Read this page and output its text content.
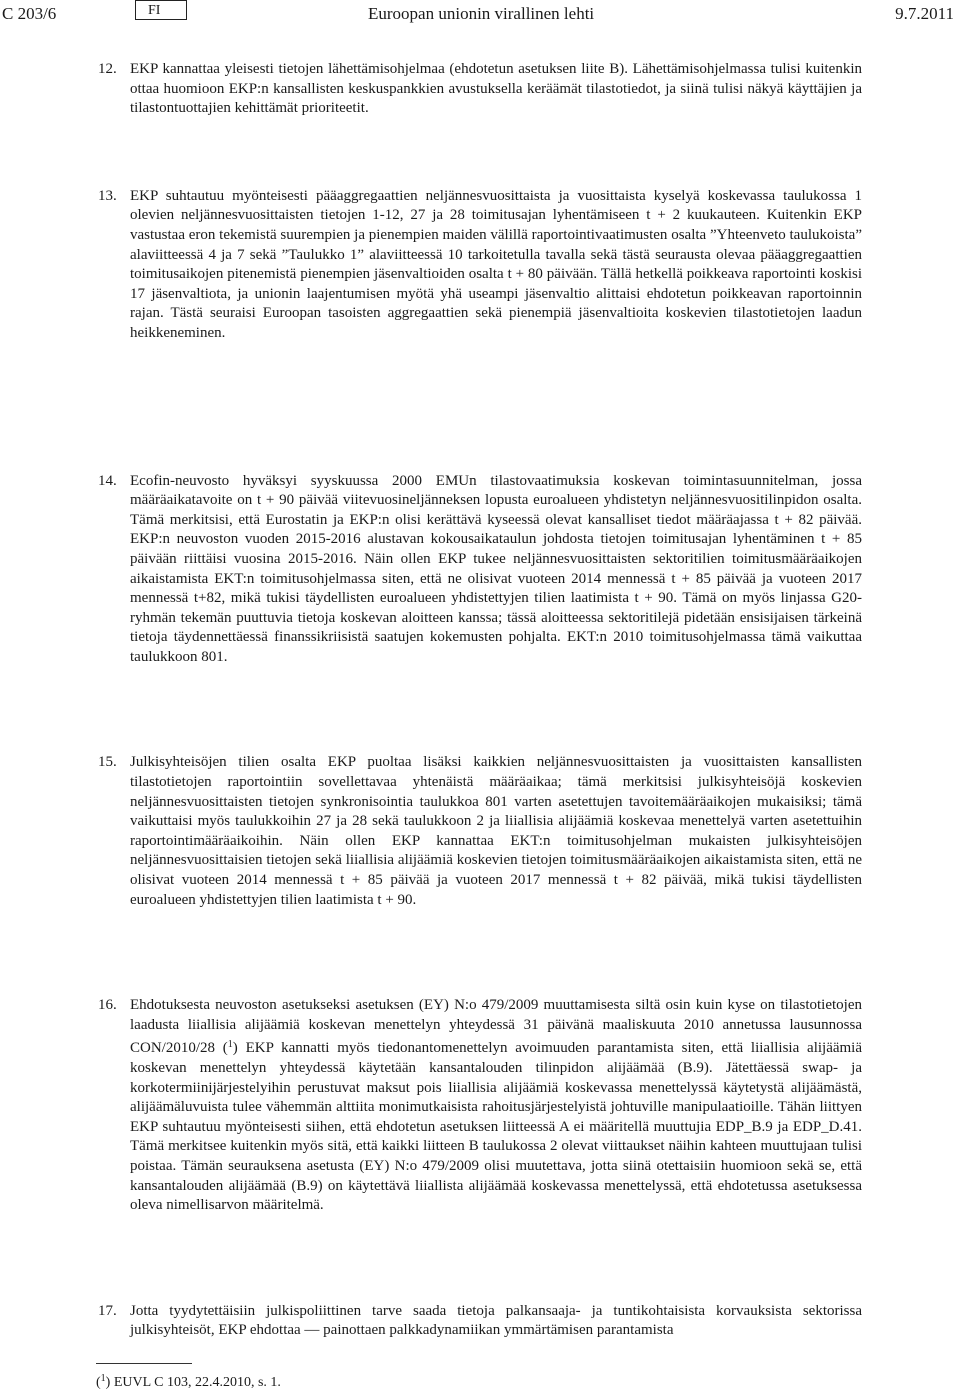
C 203/6	FI	Euroopan unionin virallinen lehti	9.7.2011
12. EKP kannattaa yleisesti tietojen lähettämisohjelmaa (ehdotetun asetuksen liite B). Lähettämisohjelmassa tulisi kuitenkin ottaa huomioon EKP:n kansallisten keskuspankkien avustuksella keräämät tilastotiedot, ja siinä tulisi näkyä käyttäjien ja tilastontuottajien kehittämät prioriteetit.
13. EKP suhtautuu myönteisesti pääaggregaattien neljännesvuosittaista ja vuosittaista kyselyä koskevassa taulukossa 1 olevien neljännesvuosittaisten tietojen 1-12, 27 ja 28 toimitusajan lyhentämiseen t + 2 kuukauteen. Kuitenkin EKP vastustaa eron tekemistä suurempien ja pienempien maiden välillä raportointivaatimusten osalta ”Yhteenveto taulukoista” alaviitteessä 4 ja 7 sekä ”Taulukko 1” alaviitteessä 10 tarkoitetulla tavalla sekä tästä seurausta olevaa pääaggregaattien toimitusaikojen pitenemistä pienempien jäsenvaltioiden osalta t + 80 päivään. Tällä hetkellä poikkeava raportointi koskisi 17 jäsenvaltiota, ja unionin laajentumisen myötä yhä useampi jäsenvaltio alittaisi ehdotetun poikkeavan raportoinnin rajan. Tästä seuraisi Euroopan tasoisten aggregaattien sekä pienempiä jäsenvaltioita koskevien tilastotietojen laadun heikkeneminen.
14. Ecofin-neuvosto hyväksyi syyskuussa 2000 EMUn tilastovaatimuksia koskevan toimintasuunnitelman, jossa määräaikatavoite on t + 90 päivää viitevuosineljänneksen lopusta euroalueen yhdistetyn neljännesvuositilinpidon osalta. Tämä merkitsisi, että Eurostatin ja EKP:n olisi kerättävä kyseessä olevat kansalliset tiedot määräajassa t + 82 päivää. EKP:n neuvoston vuoden 2015-2016 alustavan kokousaikataulun johdosta tietojen toimitusajan lyhentäminen t + 85 päivään riittäisi vuosina 2015-2016. Näin ollen EKP tukee neljännesvuosittaisten sektoritilien toimitusmääräaikojen aikaistamista EKT:n toimitusohjelmassa siten, että ne olisivat vuoteen 2014 mennessä t + 85 päivää ja vuoteen 2017 mennessä t+82, mikä tukisi täydellisten euroalueen yhdistettyjen tilien laatimista t + 90. Tämä on myös linjassa G20-ryhmän tekemän puuttuvia tietoja koskevan aloitteen kanssa; tässä aloitteessa sektoritilejä pidetään ensisijaisen tärkeinä tietoja täydennettäessä finanssikriisistä saatujen kokemusten pohjalta. EKT:n 2010 toimitusohjelmassa tämä vaikuttaa taulukkoon 801.
15. Julkisyhteisöjen tilien osalta EKP puoltaa lisäksi kaikkien neljännesvuosittaisten ja vuosittaisten kansallisten tilastotietojen raportointiin sovellettavaa yhtenäistä määräaikaa; tämä merkitsisi julkisyhteisöjä koskevien neljännesvuosittaisten tietojen synkronisointia taulukkoa 801 varten asetettujen tavoitemääräaikojen mukaisiksi; tämä vaikuttaisi myös taulukkoihin 27 ja 28 sekä taulukkoon 2 ja liiallisia alijäämiä koskevaa menettelyä varten asetettuihin raportointimääräaikoihin. Näin ollen EKP kannattaa EKT:n toimitusohjelman mukaisten julkisyhteisöjen neljännesvuosittaisien tietojen sekä liiallisia alijäämiä koskevien tietojen toimitusmääräaikojen aikaistamista siten, että ne olisivat vuoteen 2014 mennessä t + 85 päivää ja vuoteen 2017 mennessä t + 82 päivää, mikä tukisi täydellisten euroalueen yhdistettyjen tilien laatimista t + 90.
16. Ehdotuksesta neuvoston asetukseksi asetuksen (EY) N:o 479/2009 muuttamisesta siltä osin kuin kyse on tilastotietojen laadusta liiallisia alijäämiä koskevan menettelyn yhteydessä 31 päivänä maaliskuuta 2010 annetussa lausunnossa CON/2010/28 ($^1$) EKP kannatti myös tiedonantomenettelyn avoimuuden parantamista siten, että liiallisia alijäämiä koskevan menettelyn yhteydessä käytetään kansantalouden tilinpidon alijäämää (B.9). Jätettäessä swap- ja korkotermiinijärjestelyihin perustuvat maksut pois liiallisia alijäämiä koskevassa menettelyssä käytetystä alijäämästä, alijäämäluvuista tulee vähemmän alttiita monimutkaisista rahoitusjärjestelyistä johtuville manipulaatioille. Tähän liittyen EKP suhtautuu myönteisesti siihen, että ehdotetun asetuksen liitteessä A ei määritellä muuttujia EDP_B.9 ja EDP_D.41. Tämä merkitsee kuitenkin myös sitä, että kaikki liitteen B taulukossa 2 olevat viittaukset näihin kahteen muuttujaan tulisi poistaa. Tämän seurauksena asetusta (EY) N:o 479/2009 olisi muutettava, jotta siinä otettaisiin huomioon sekä se, että kansantalouden alijäämää (B.9) on käytettävä liiallista alijäämää koskevassa menettelyssä, että ehdotetussa asetuksessa oleva nimellisarvon määritelmä.
17. Jotta tyydytettäisiin julkispoliittinen tarve saada tietoja palkansaaja- ja tuntikohtaisista korvauksista sektorissa julkisyhteisöt, EKP ehdottaa — painottaen palkkadynamiikan ymmärtämisen parantamista
($^1$) EUVL C 103, 22.4.2010, s. 1.
